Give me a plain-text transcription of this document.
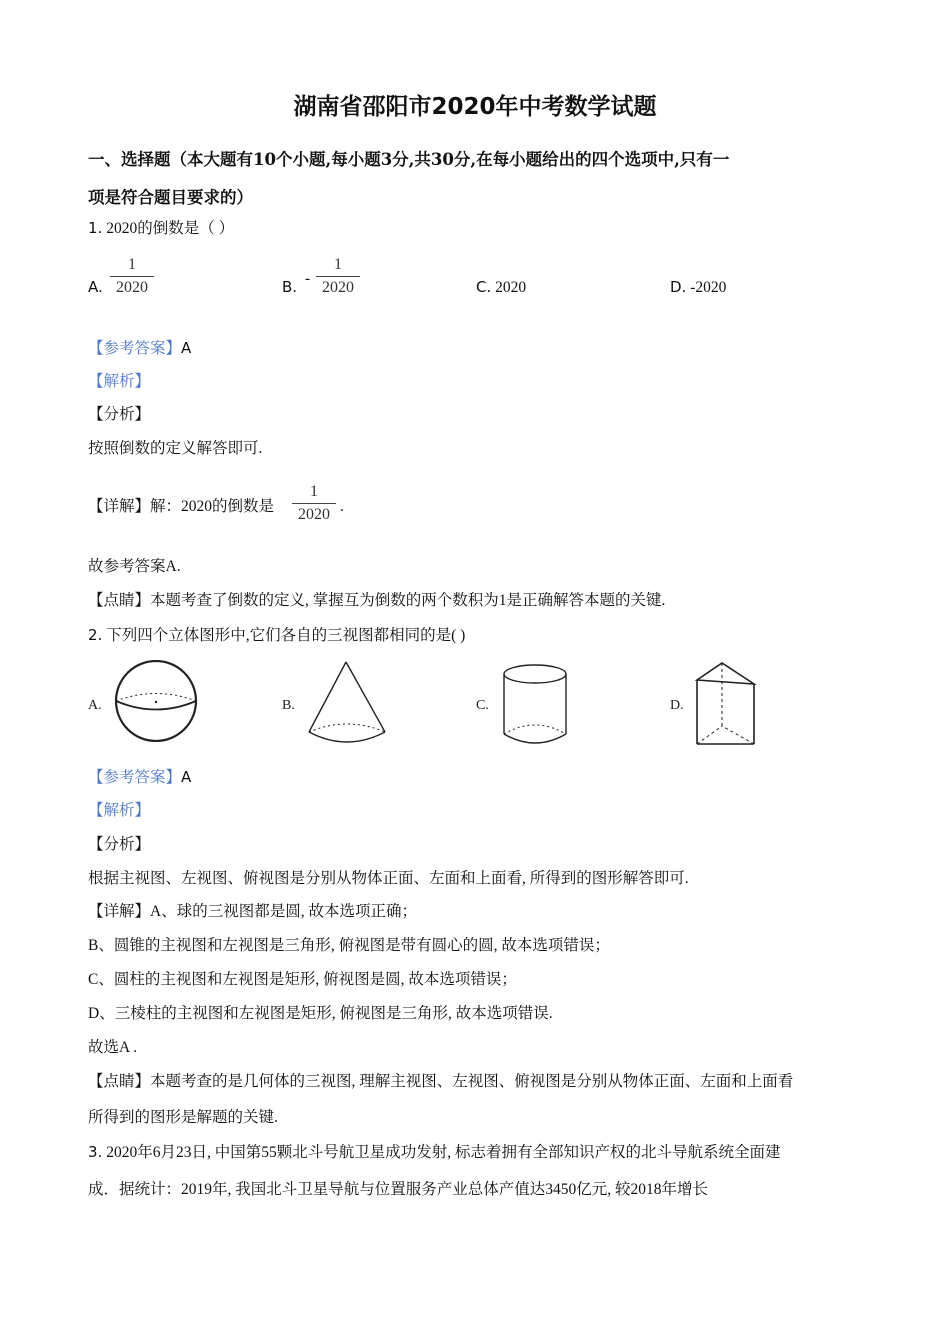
湖南省邵阳市2020年中考数学试题
一、选择题（本大题有10个小题,每小题3分,共30分,在每小题给出的四个选项中,只有一
项是符合题目要求的）
1. 2020的倒数是（ ）
A.
1
2020	B. -
1
2020	C. 2020	D. -2020
【参考答案】A
【解析】
【分析】
按照倒数的定义解答即可.
【详解】解：2020的倒数是
1
2020 .
故参考答案A.
【点睛】本题考查了倒数的定义, 掌握互为倒数的两个数积为1是正确解答本题的关键.
2. 下列四个立体图形中,它们各自的三视图都相同的是( )
A.	B.	C.	D.
【参考答案】A
【解析】
【分析】
根据主视图、左视图、俯视图是分别从物体正面、左面和上面看, 所得到的图形解答即可.
【详解】A、球的三视图都是圆, 故本选项正确；
B、圆锥的主视图和左视图是三角形, 俯视图是带有圆心的圆, 故本选项错误；
C、圆柱的主视图和左视图是矩形, 俯视图是圆, 故本选项错误；
D、三棱柱的主视图和左视图是矩形, 俯视图是三角形, 故本选项错误.
故选A .
【点睛】本题考查的是几何体的三视图, 理解主视图、左视图、俯视图是分别从物体正面、左面和上面看
所得到的图形是解题的关键.
3. 2020年6月23日, 中国第55颗北斗号航卫星成功发射, 标志着拥有全部知识产权的北斗导航系统全面建
成．据统计：2019年, 我国北斗卫星导航与位置服务产业总体产值达3450亿元, 较2018年增长
